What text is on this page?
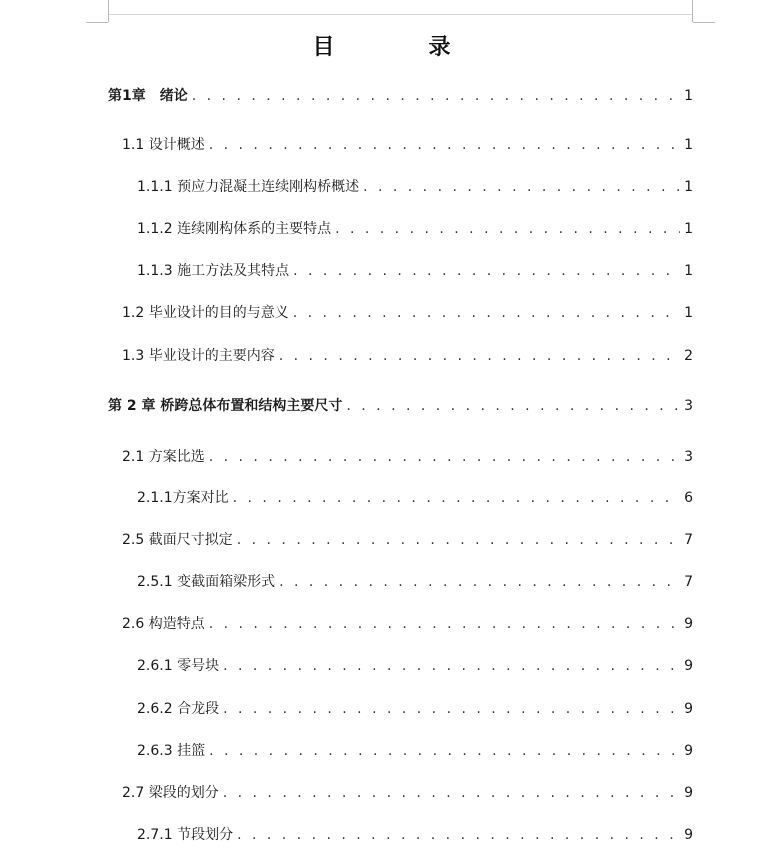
目　录
第1章　绪论 . . .	1
1.1 设计概述 . . .	1
1.1.1 预应力混凝土连续刚构桥概述 . . .	1
1.1.2 连续刚构体系的主要特点 . . .	1
1.1.3 施工方法及其特点 . . .	1
1.2 毕业设计的目的与意义 . . .	1
1.3 毕业设计的主要内容 . . .	2
第 2 章 桥跨总体布置和结构主要尺寸 . . .	3
2.1 方案比选 . . .	3
2.1.1方案对比 . . .	6
2.5 截面尺寸拟定 . . .	7
2.5.1 变截面箱梁形式 . . .	7
2.6 构造特点 . . .	9
2.6.1 零号块 . . .	9
2.6.2 合龙段 . . .	9
2.6.3 挂篮 . . .	9
2.7 梁段的划分 . . .	9
2.7.1 节段划分 . . .	9
